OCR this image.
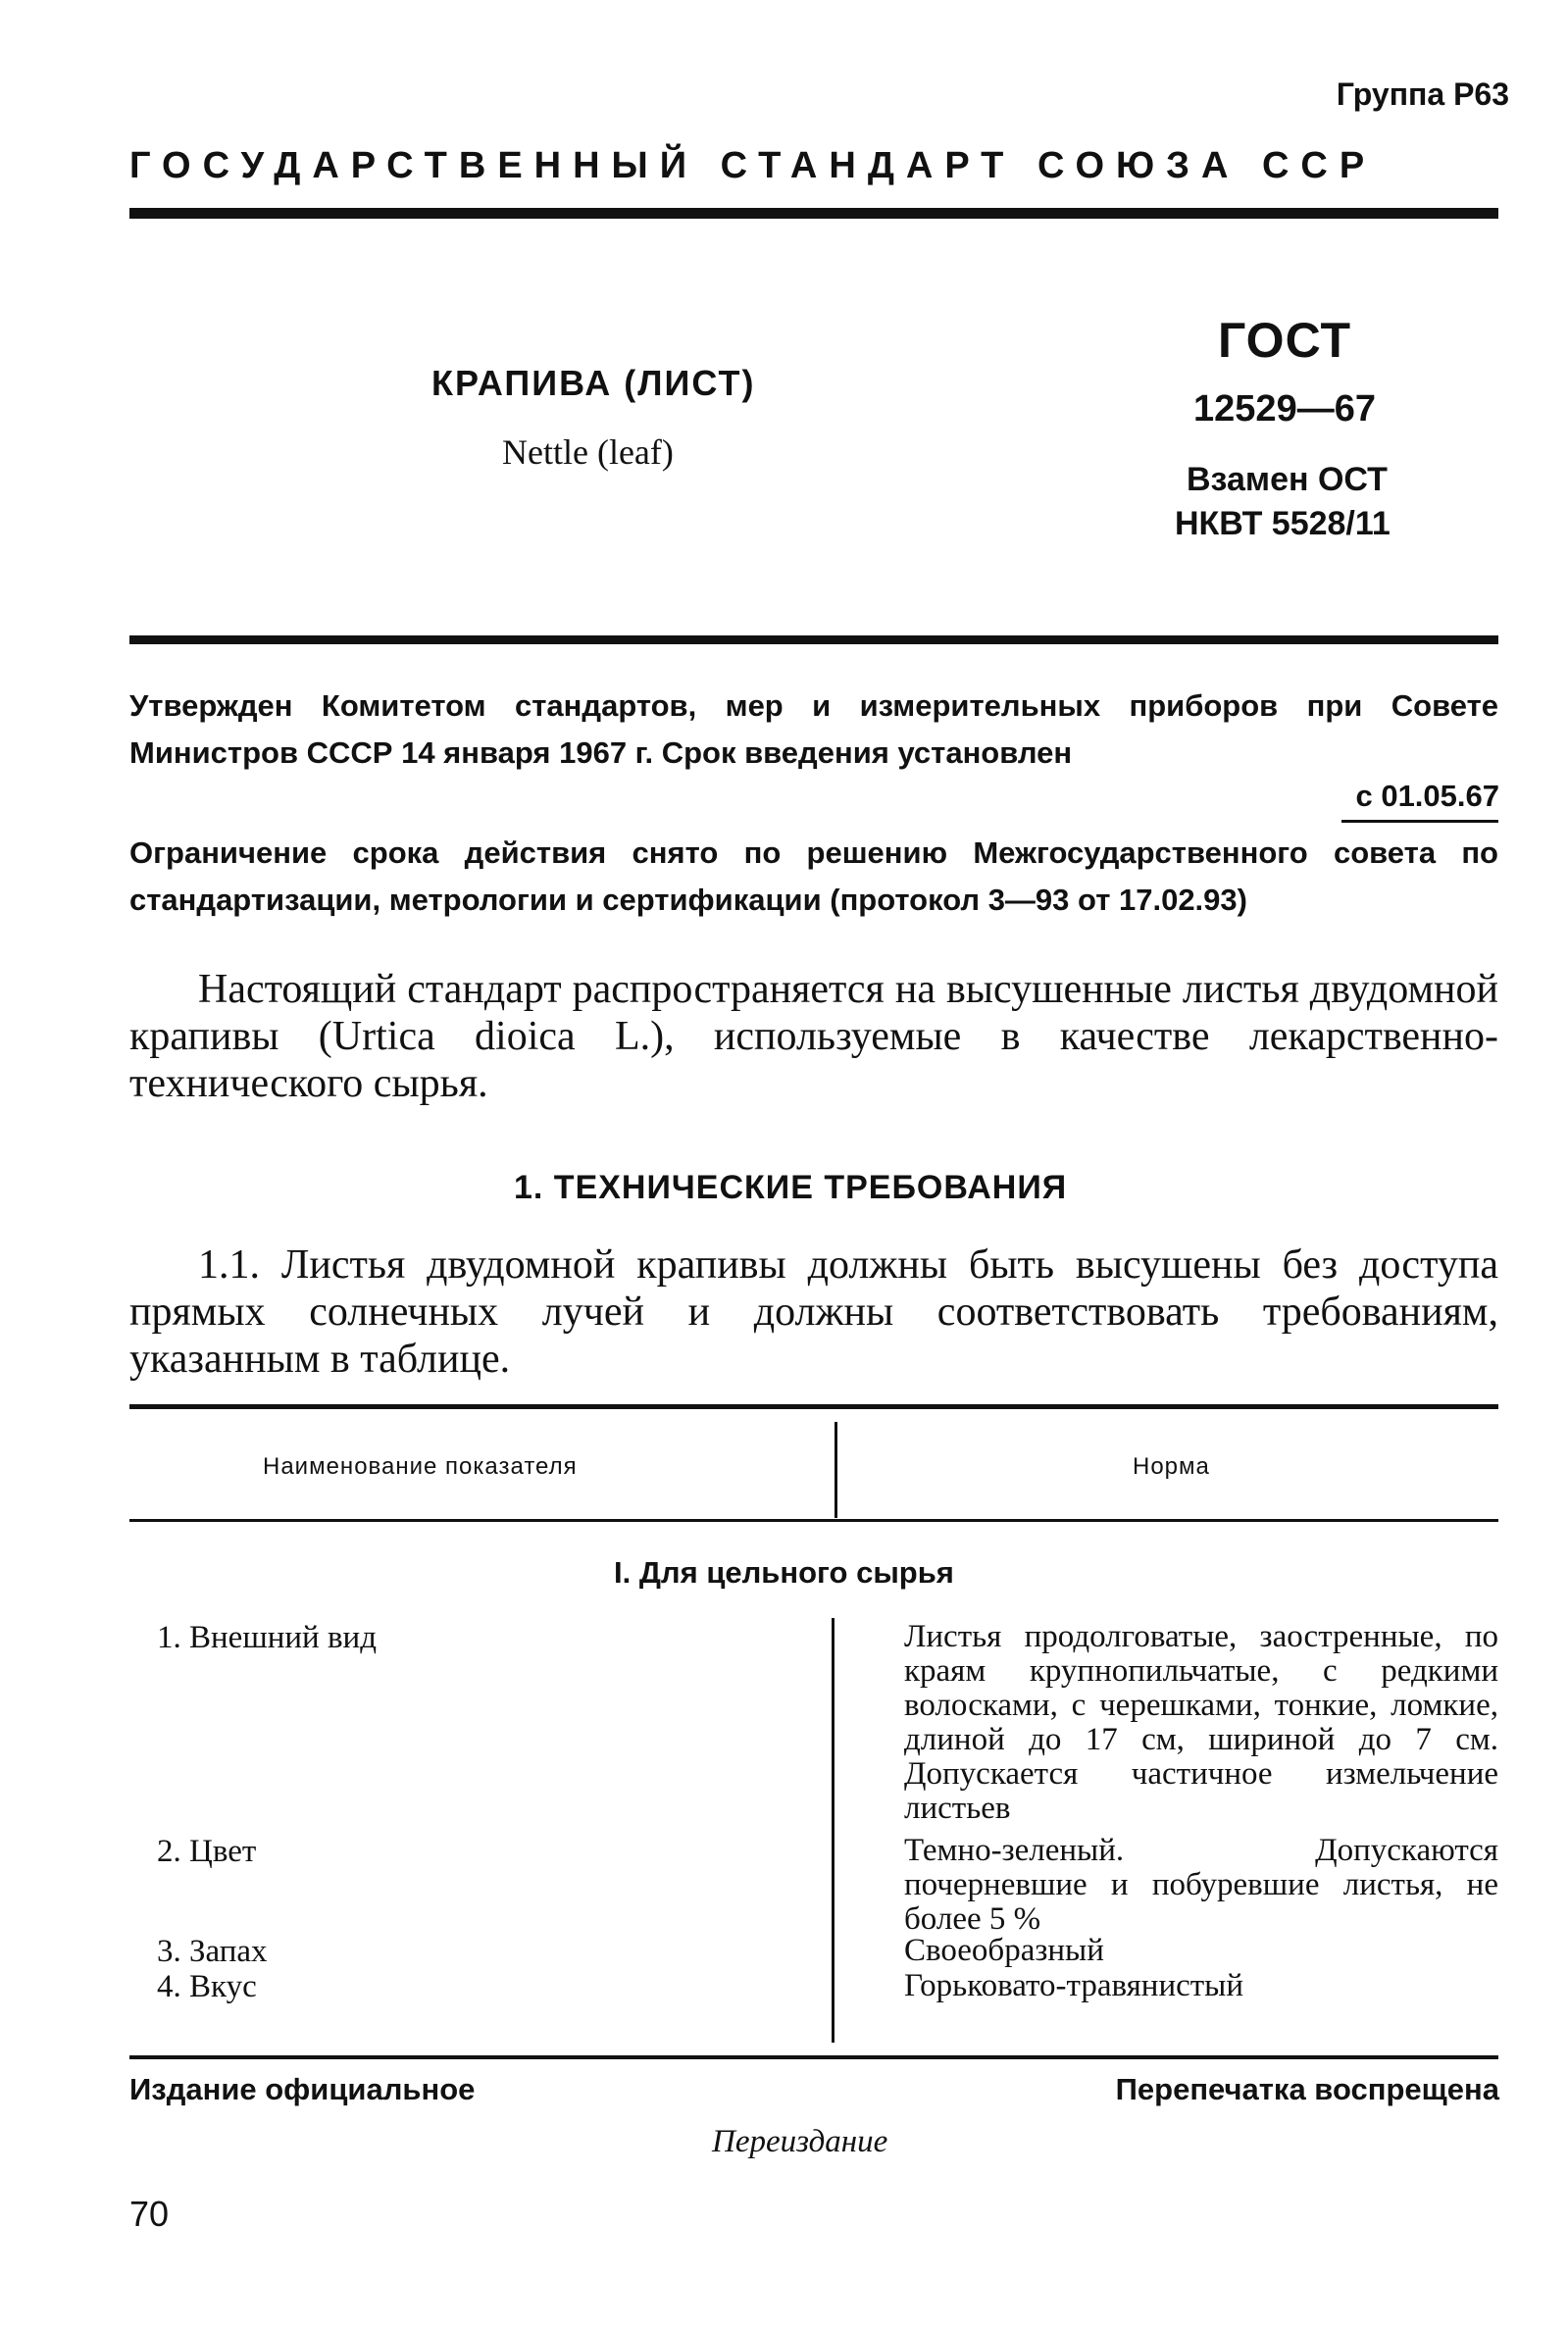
Группа Р63
ГОСУДАРСТВЕННЫЙ СТАНДАРТ СОЮЗА ССР
КРАПИВА (ЛИСТ)
Nettle (leaf)
ГОСТ
12529—67
Взамен ОСТ
НКВТ 5528/11
Утвержден Комитетом стандартов, мер и измерительных приборов при Совете Министров СССР 14 января 1967 г. Срок введения установлен
с 01.05.67
Ограничение срока действия снято по решению Межгосударственного совета по стандартизации, метрологии и сертификации (протокол 3—93 от 17.02.93)
Настоящий стандарт распространяется на высушенные листья двудомной крапивы (Urtica dioica L.), используемые в качестве лекарственно-технического сырья.
1. ТЕХНИЧЕСКИЕ ТРЕБОВАНИЯ
1.1. Листья двудомной крапивы должны быть высушены без доступа прямых солнечных лучей и должны соответствовать требованиям, указанным в таблице.
Наименование показателя	Норма
I. Для цельного сырья
1. Внешний вид	Листья продолговатые, заостренные, по краям крупнопильчатые, с редкими волосками, с черешками, тонкие, ломкие, длиной до 17 см, шириной до 7 см. Допускается частичное измельчение листьев
2. Цвет	Темно-зеленый. Допускаются почерневшие и побуревшие листья, не более 5 %
3. Запах	Своеобразный
4. Вкус	Горьковато-травянистый
Издание официальное	Перепечатка воспрещена
Переиздание
70
